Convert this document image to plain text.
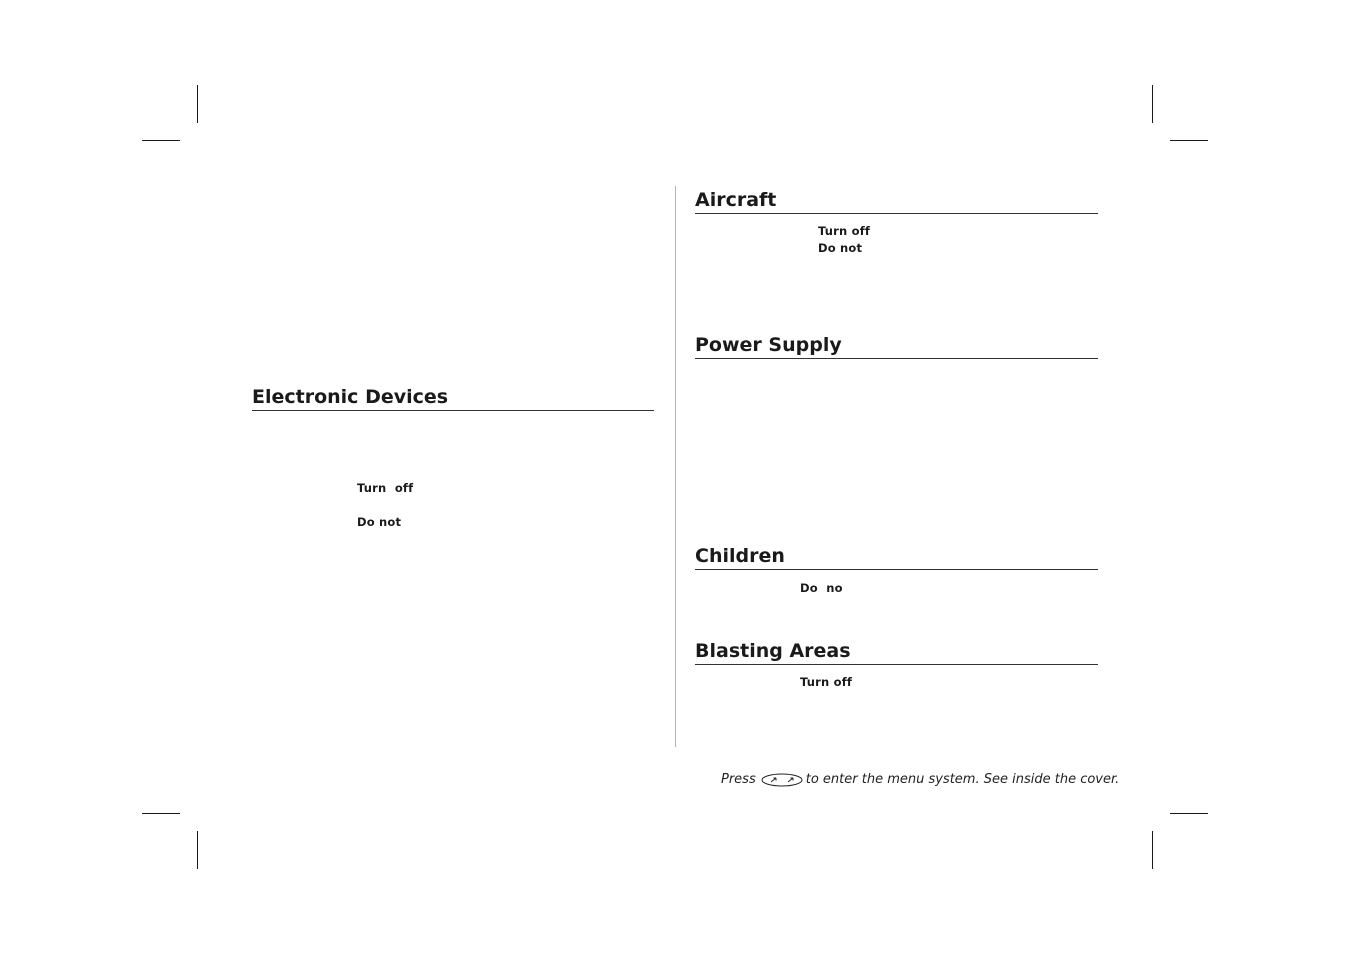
Electronic Devices

Turn  off

Do not

Aircraft

Turn off

Do not

Power Supply
Children

Do  no

Blasting Areas

Turn off

Press	to enter the menu system. See inside the cover.
